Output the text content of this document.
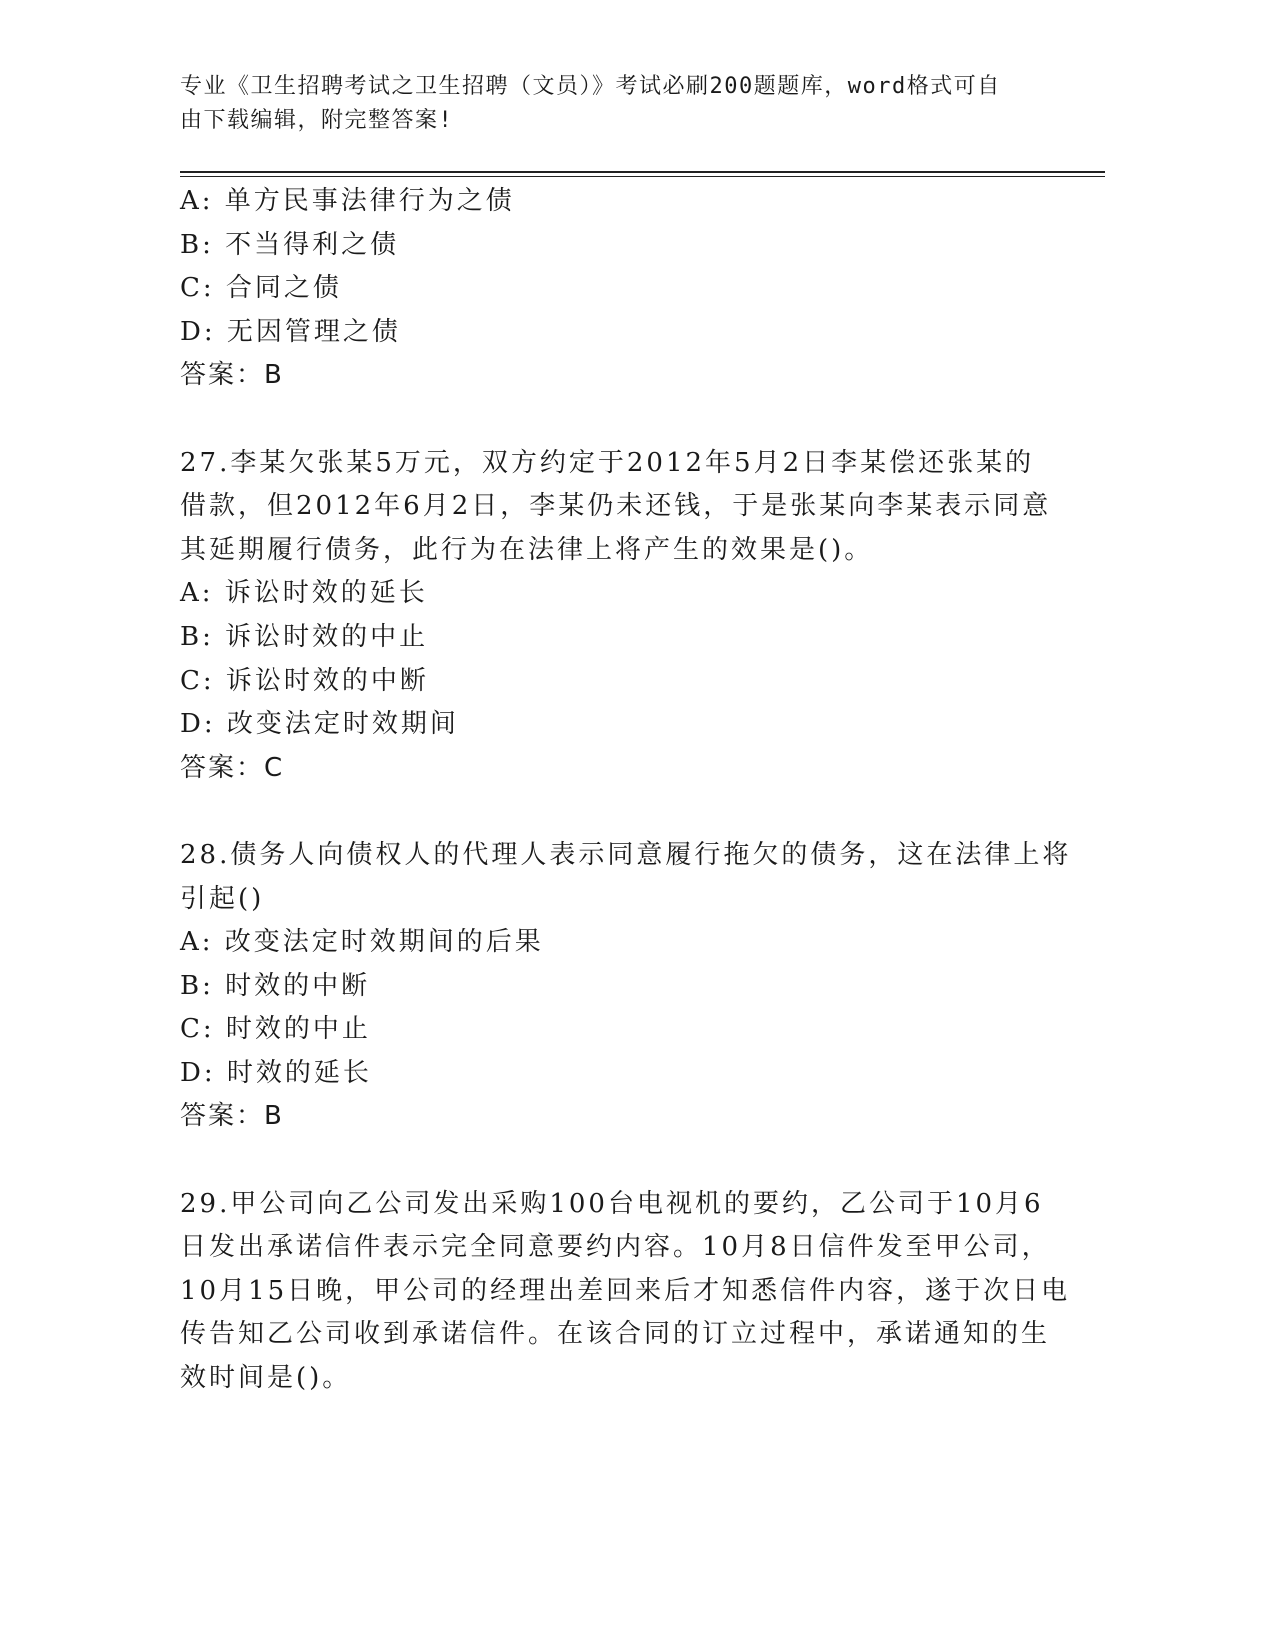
专业《卫生招聘考试之卫生招聘（文员）》考试必刷200题题库，word格式可自
由下载编辑，附完整答案!
A: 单方民事法律行为之债
B: 不当得利之债
C: 合同之债
D: 无因管理之债
答案：B
27.李某欠张某5万元，双方约定于2012年5月2日李某偿还张某的
借款，但2012年6月2日，李某仍未还钱，于是张某向李某表示同意
其延期履行债务，此行为在法律上将产生的效果是()。
A: 诉讼时效的延长
B: 诉讼时效的中止
C: 诉讼时效的中断
D: 改变法定时效期间
答案：C
28.债务人向债权人的代理人表示同意履行拖欠的债务，这在法律上将
引起()
A: 改变法定时效期间的后果
B: 时效的中断
C: 时效的中止
D: 时效的延长
答案：B
29.甲公司向乙公司发出采购100台电视机的要约，乙公司于10月6
日发出承诺信件表示完全同意要约内容。10月8日信件发至甲公司，
10月15日晚，甲公司的经理出差回来后才知悉信件内容，遂于次日电
传告知乙公司收到承诺信件。在该合同的订立过程中，承诺通知的生
效时间是()。
